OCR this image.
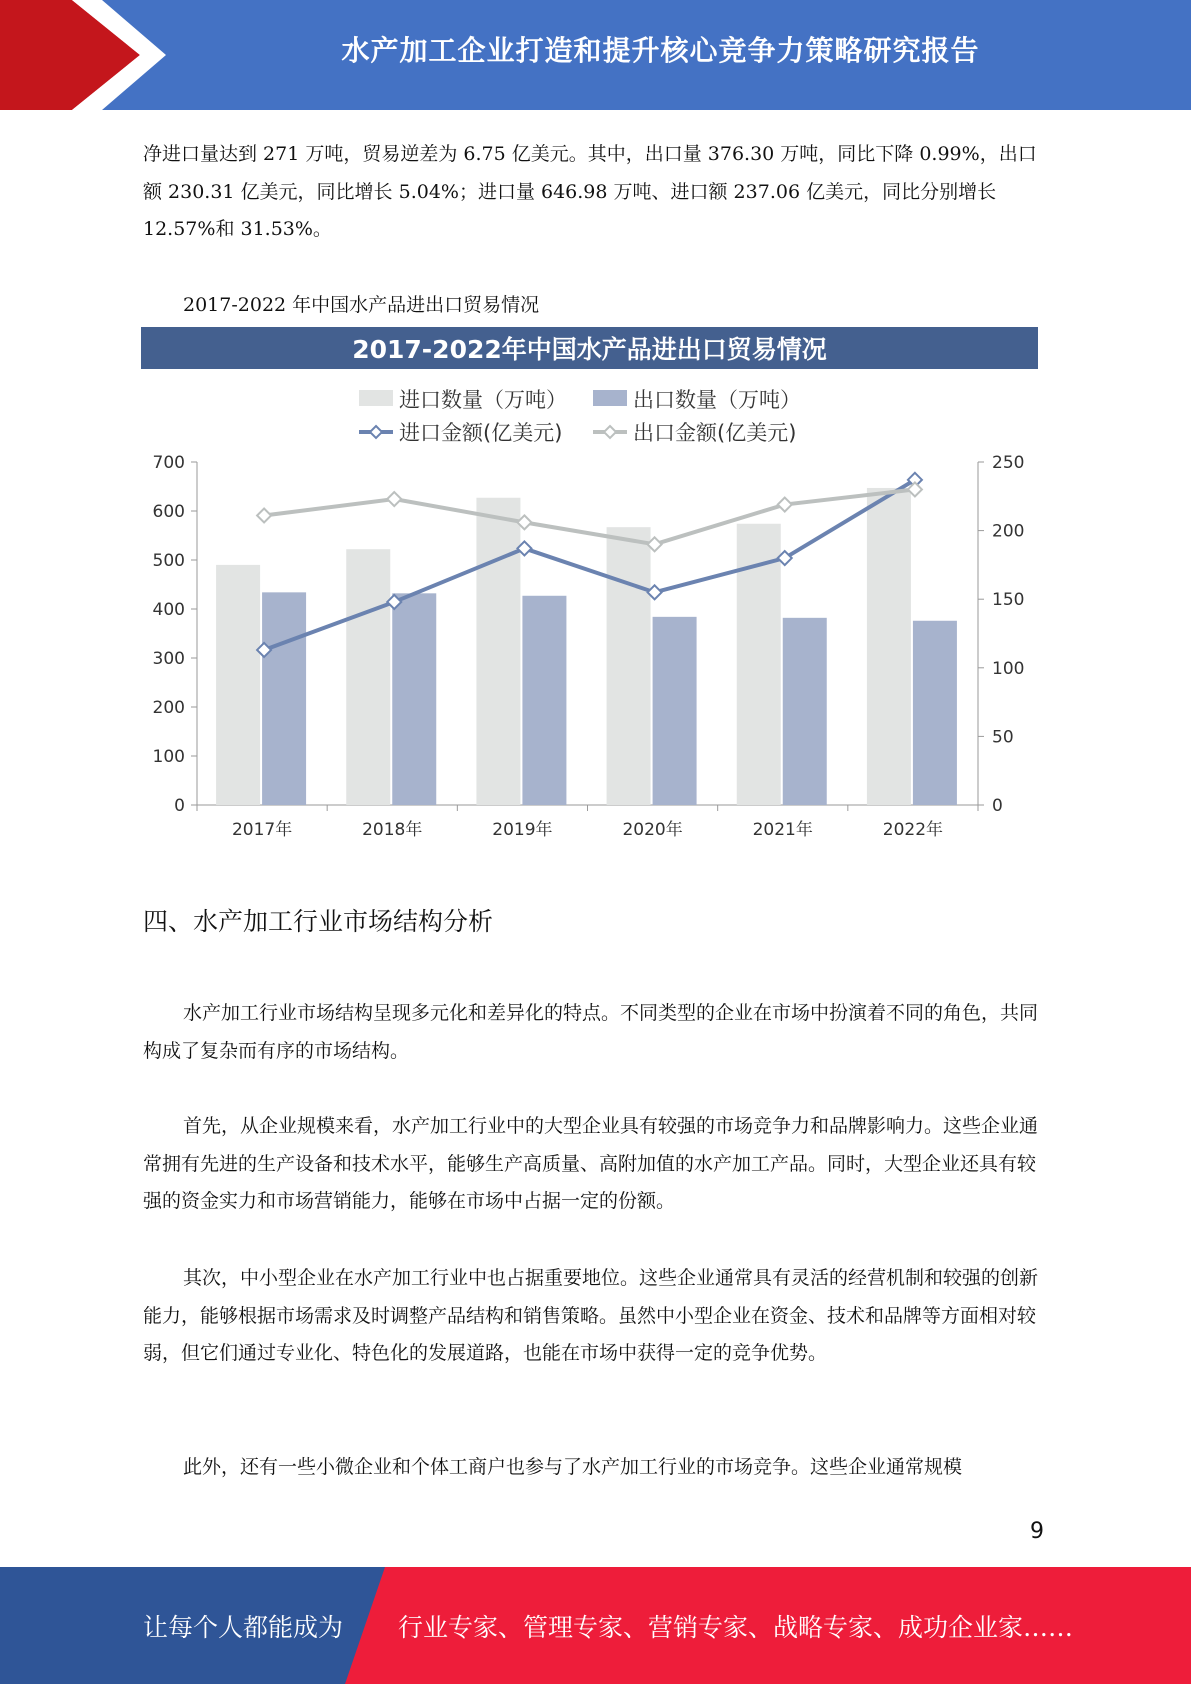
水产加工企业打造和提升核心竞争力策略研究报告

净进口量达到 271 万吨，贸易逆差为 6.75 亿美元。其中，出口量 376.30 万吨，同比下降 0.99%，出口额 230.31 亿美元，同比增长 5.04%；进口量 646.98 万吨、进口额 237.06 亿美元，同比分别增长 12.57%和 31.53%。

2017-2022 年中国水产品进出口贸易情况
2017-2022年中国水产品进出口贸易情况
0
100
200
300
400
500
600
700
0
50
100
150
200
250
2017年	2018年	2019年	2020年	2021年	2022年
进口数量（万吨）	出口数量（万吨）
进口金额(亿美元)	出口金额(亿美元)
四、水产加工行业市场结构分析

水产加工行业市场结构呈现多元化和差异化的特点。不同类型的企业在市场中扮演着不同的角色，共同构成了复杂而有序的市场结构。

首先，从企业规模来看，水产加工行业中的大型企业具有较强的市场竞争力和品牌影响力。这些企业通常拥有先进的生产设备和技术水平，能够生产高质量、高附加值的水产加工产品。同时，大型企业还具有较强的资金实力和市场营销能力，能够在市场中占据一定的份额。

其次，中小型企业在水产加工行业中也占据重要地位。这些企业通常具有灵活的经营机制和较强的创新能力，能够根据市场需求及时调整产品结构和销售策略。虽然中小型企业在资金、技术和品牌等方面相对较弱，但它们通过专业化、特色化的发展道路，也能在市场中获得一定的竞争优势。

此外，还有一些小微企业和个体工商户也参与了水产加工行业的市场竞争。这些企业通常规模

9
让每个人都能成为 行业专家、管理专家、营销专家、战略专家、成功企业家……
